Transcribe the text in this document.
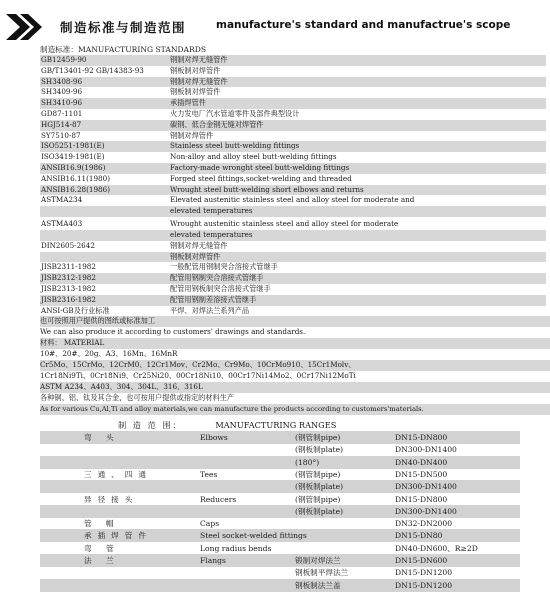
制造标准与制造范围	manufacture's standard and manufactrue's scope
制造标准：MANUFACTURING STANDARDS
GB12459-90	钢制对焊无缝管件
GB/T13401-92 GB/14383-93	钢板制对焊管件
SH3408-96	钢制对焊无缝管件
SH3409-96	钢板制对焊管件
SH3410-96	承插焊管件
GD87-1101	火力发电厂汽水管道零件及部件典型设计
HGJ514-87	碳钢、低合金钢无缝对焊管件
SY7510-87	钢制对焊管件
ISO5251-1981(E)	Stainless steel butt-welding fittings
ISO3419-1981(E)	Non-alloy and alloy steel butt-welding fittings
ANSIB16.9(1986)	Factory-made wronght steel butt-welding fittings
ANSIB16.11(1980)	Forged steel fittings,socket-welding and threaded
ANSIB16.28(1986)	Wrought steel butt-welding short elbows and returns
ASTMA234	Elevated austenitic stainless steel and alloy steel for moderate and
elevated temperatures
ASTMA403	Wrought austenitic stainless steel and alloy steel for moderate
elevated temperatures
DIN2605-2642	钢制对焊无缝管件
钢板制对焊管件
JISB2311-1982	一般配管用钢制突合溶接式管继手
JISB2312-1982	配管用钢制突合溶接式管继手
JISB2313-1982	配管用钢板制突合溶接式管继手
JISB2316-1982	配管用钢制差溶接式管继手
ANSI-GB及行业标准	平焊、对焊法兰系列产品
也可按照用户提供的图纸或标准加工
We can also produce it according to customers' drawings and standards.
材料： MATERIAL
10#、20#、20g、A3、16Mn、16MnR
Cr5Mo、15CrMo、12CrM0、12Cr1Mov、Cr2Mo、Cr9Mo、10CrMo910、15Cr1Molv、
1Cr18Ni9Ti、0Cr18Ni9、Cr25Ni20、00Cr18Ni10、00Cr17Ni14Mo2、0Cr17Ni12MoTi
ASTM A234、A403、304、304L、316、316L
各种铜、铝、钛及其合金，也可按用户提供或指定的材料生产
As for various Cu,Al,Ti and alloy materials,we can manufacture the products according to customers'materials.
制 造 范 围：	MANUFACTURING RANGES
弯 头	Elbows	(钢管制pipe)	DN15-DN800
(钢板制plate)	DN300-DN1400
(180°)	DN40-DN400
三通、四通	Tees	(钢管制pipe)	DN15-DN500
(钢板制plate)	DN300-DN1400
异径接头	Reducers	(钢管制pipe)	DN15-DN800
(钢板制plate)	DN300-DN1400
管 帽	Caps	DN32-DN2000
承插焊管件	Steel socket-welded fittings	DN15-DN80
弯 管	Long radius bends	DN40-DN600、R≥2D
法 兰	Flangs	锻制对焊法兰	DN15-DN600
钢板制平焊法兰	DN15-DN1200
钢板制法兰盖	DN15-DN1200
